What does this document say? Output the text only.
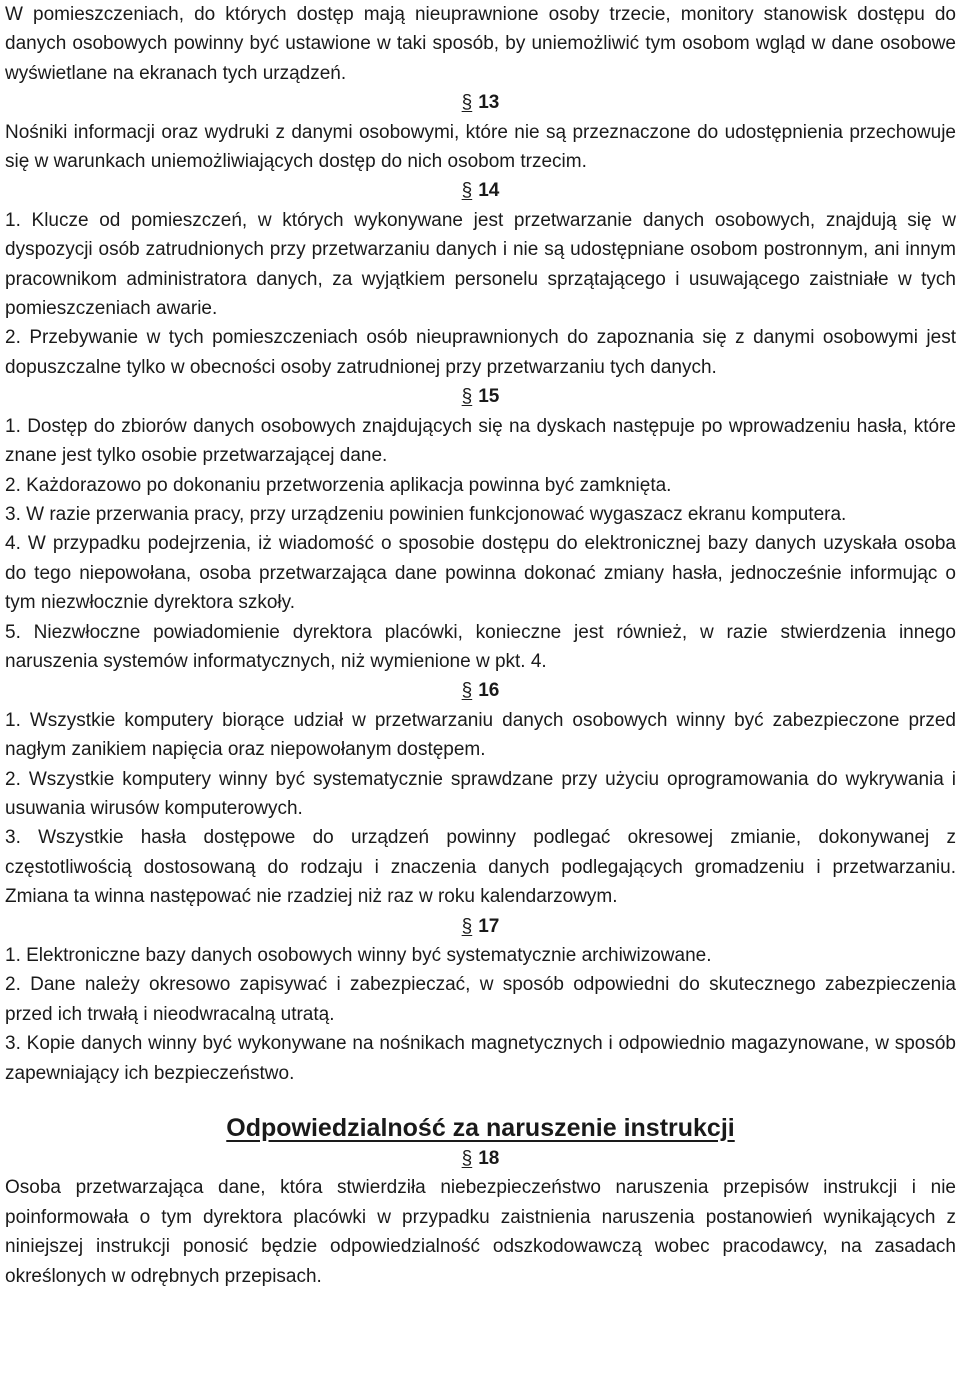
W pomieszczeniach, do których dostęp mają nieuprawnione osoby trzecie, monitory stanowisk dostępu do danych osobowych powinny być ustawione w taki sposób, by uniemożliwić tym osobom wgląd w dane osobowe wyświetlane na ekranach tych urządzeń.

§ 13

Nośniki informacji oraz wydruki z danymi osobowymi, które nie są przeznaczone do udostępnienia przechowuje się w warunkach uniemożliwiających dostęp do nich osobom trzecim.

§ 14

1. Klucze od pomieszczeń, w których wykonywane jest przetwarzanie danych osobowych, znajdują się w dyspozycji osób zatrudnionych przy przetwarzaniu danych i nie są udostępniane osobom postronnym, ani innym pracownikom administratora danych, za wyjątkiem personelu sprzątającego i usuwającego zaistniałe w tych pomieszczeniach awarie.

2. Przebywanie w tych pomieszczeniach osób nieuprawnionych do zapoznania się z danymi osobowymi jest dopuszczalne tylko w obecności osoby zatrudnionej przy przetwarzaniu tych danych.

§ 15

1. Dostęp do zbiorów danych osobowych znajdujących się na dyskach następuje po wprowadzeniu hasła, które znane jest tylko osobie przetwarzającej dane.

2. Każdorazowo po dokonaniu przetworzenia aplikacja powinna być zamknięta.

3. W razie przerwania pracy, przy urządzeniu powinien funkcjonować wygaszacz ekranu komputera.

4. W przypadku podejrzenia, iż wiadomość o sposobie dostępu do elektronicznej bazy danych uzyskała osoba do tego niepowołana, osoba przetwarzająca dane powinna dokonać zmiany hasła, jednocześnie informując o tym niezwłocznie dyrektora szkoły.

5. Niezwłoczne powiadomienie dyrektora placówki, konieczne jest również, w razie stwierdzenia innego naruszenia systemów informatycznych, niż wymienione w pkt. 4.

§ 16

1. Wszystkie komputery biorące udział w przetwarzaniu danych osobowych winny być zabezpieczone przed nagłym zanikiem napięcia oraz niepowołanym dostępem.

2. Wszystkie komputery winny być systematycznie sprawdzane przy użyciu oprogramowania do wykrywania i usuwania wirusów komputerowych.

3. Wszystkie hasła dostępowe do urządzeń powinny podlegać okresowej zmianie, dokonywanej z częstotliwością dostosowaną do rodzaju i znaczenia danych podlegających gromadzeniu i przetwarzaniu. Zmiana ta winna następować nie rzadziej niż raz w roku kalendarzowym.

§ 17

1. Elektroniczne bazy danych osobowych winny być systematycznie archiwizowane.

2. Dane należy okresowo zapisywać i zabezpieczać, w sposób odpowiedni do skutecznego zabezpieczenia przed ich trwałą i nieodwracalną utratą.

3. Kopie danych winny być wykonywane na nośnikach magnetycznych i odpowiednio magazynowane, w sposób zapewniający ich bezpieczeństwo.

Odpowiedzialność za naruszenie instrukcji
§ 18

Osoba przetwarzająca dane, która stwierdziła niebezpieczeństwo naruszenia przepisów instrukcji i nie poinformowała o tym dyrektora placówki w przypadku zaistnienia naruszenia postanowień wynikających z niniejszej instrukcji ponosić będzie odpowiedzialność odszkodowawczą wobec pracodawcy, na zasadach określonych w odrębnych przepisach.
